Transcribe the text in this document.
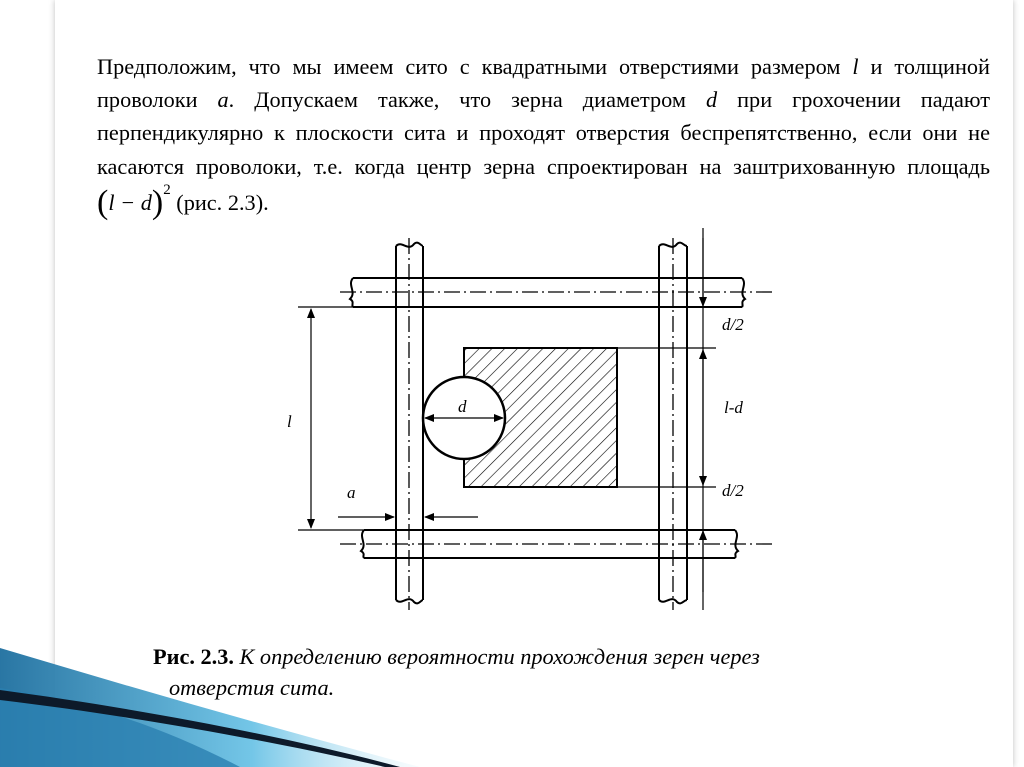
Предположим, что мы имеем сито с квадратными отверстиями размером l и толщиной проволоки a. Допускаем также, что зерна диаметром d при грохочении падают перпендикулярно к плоскости сита и проходят отверстия беспрепятственно, если они не касаются проволоки, т.е. когда центр зерна спроектирован на заштрихованную площадь $(l - d)^2$ (рис. 2.3).
l
a
d
d/2
l-d
d/2
Рис. 2.3. К определению вероятности прохождения зерен через
отверстия сита.
